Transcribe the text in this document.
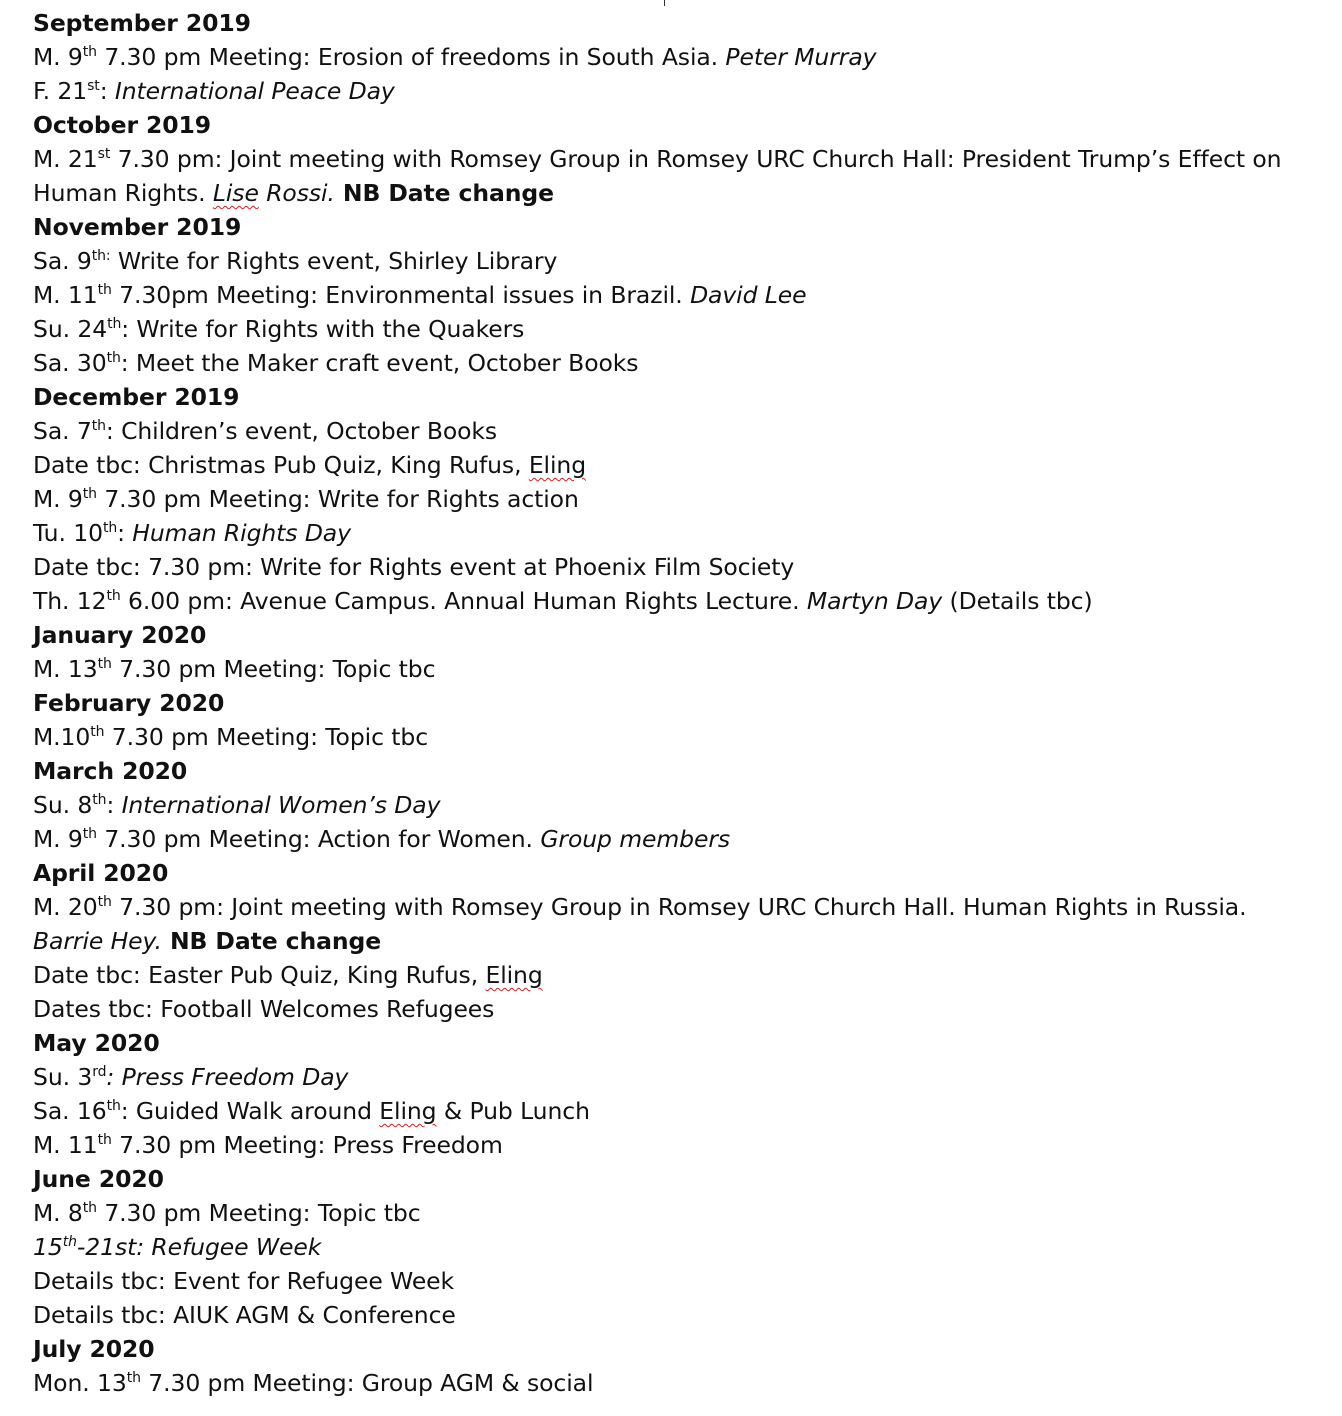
September 2019
M. 9th 7.30 pm Meeting: Erosion of freedoms in South Asia. Peter Murray
F. 21st: International Peace Day
October 2019
M. 21st 7.30 pm: Joint meeting with Romsey Group in Romsey URC Church Hall: President Trump’s Effect on Human Rights. Lise Rossi. NB Date change
November 2019
Sa. $9^{th:}$ Write for Rights event, Shirley Library
M. 11th 7.30pm Meeting: Environmental issues in Brazil. David Lee
Su. 24th: Write for Rights with the Quakers
Sa. 30th: Meet the Maker craft event, October Books
December 2019
Sa. 7th: Children’s event, October Books
Date tbc: Christmas Pub Quiz, King Rufus, Eling
M. 9th 7.30 pm Meeting: Write for Rights action
Tu. 10th: Human Rights Day
Date tbc: 7.30 pm: Write for Rights event at Phoenix Film Society
Th. 12th 6.00 pm: Avenue Campus. Annual Human Rights Lecture. Martyn Day (Details tbc)
January 2020
M. 13th 7.30 pm Meeting: Topic tbc
February 2020
M.10th 7.30 pm Meeting: Topic tbc
March 2020
Su. 8th: International Women’s Day
M. 9th 7.30 pm Meeting: Action for Women. Group members
April 2020
M. 20th 7.30 pm: Joint meeting with Romsey Group in Romsey URC Church Hall. Human Rights in Russia. Barrie Hey. NB Date change
Date tbc: Easter Pub Quiz, King Rufus, Eling
Dates tbc: Football Welcomes Refugees
May 2020
Su. 3rd: Press Freedom Day
Sa. 16th: Guided Walk around Eling & Pub Lunch
M. 11th 7.30 pm Meeting: Press Freedom
June 2020
M. 8th 7.30 pm Meeting: Topic tbc
15th-21st: Refugee Week
Details tbc: Event for Refugee Week
Details tbc: AIUK AGM & Conference
July 2020
Mon. 13th 7.30 pm Meeting: Group AGM & social
